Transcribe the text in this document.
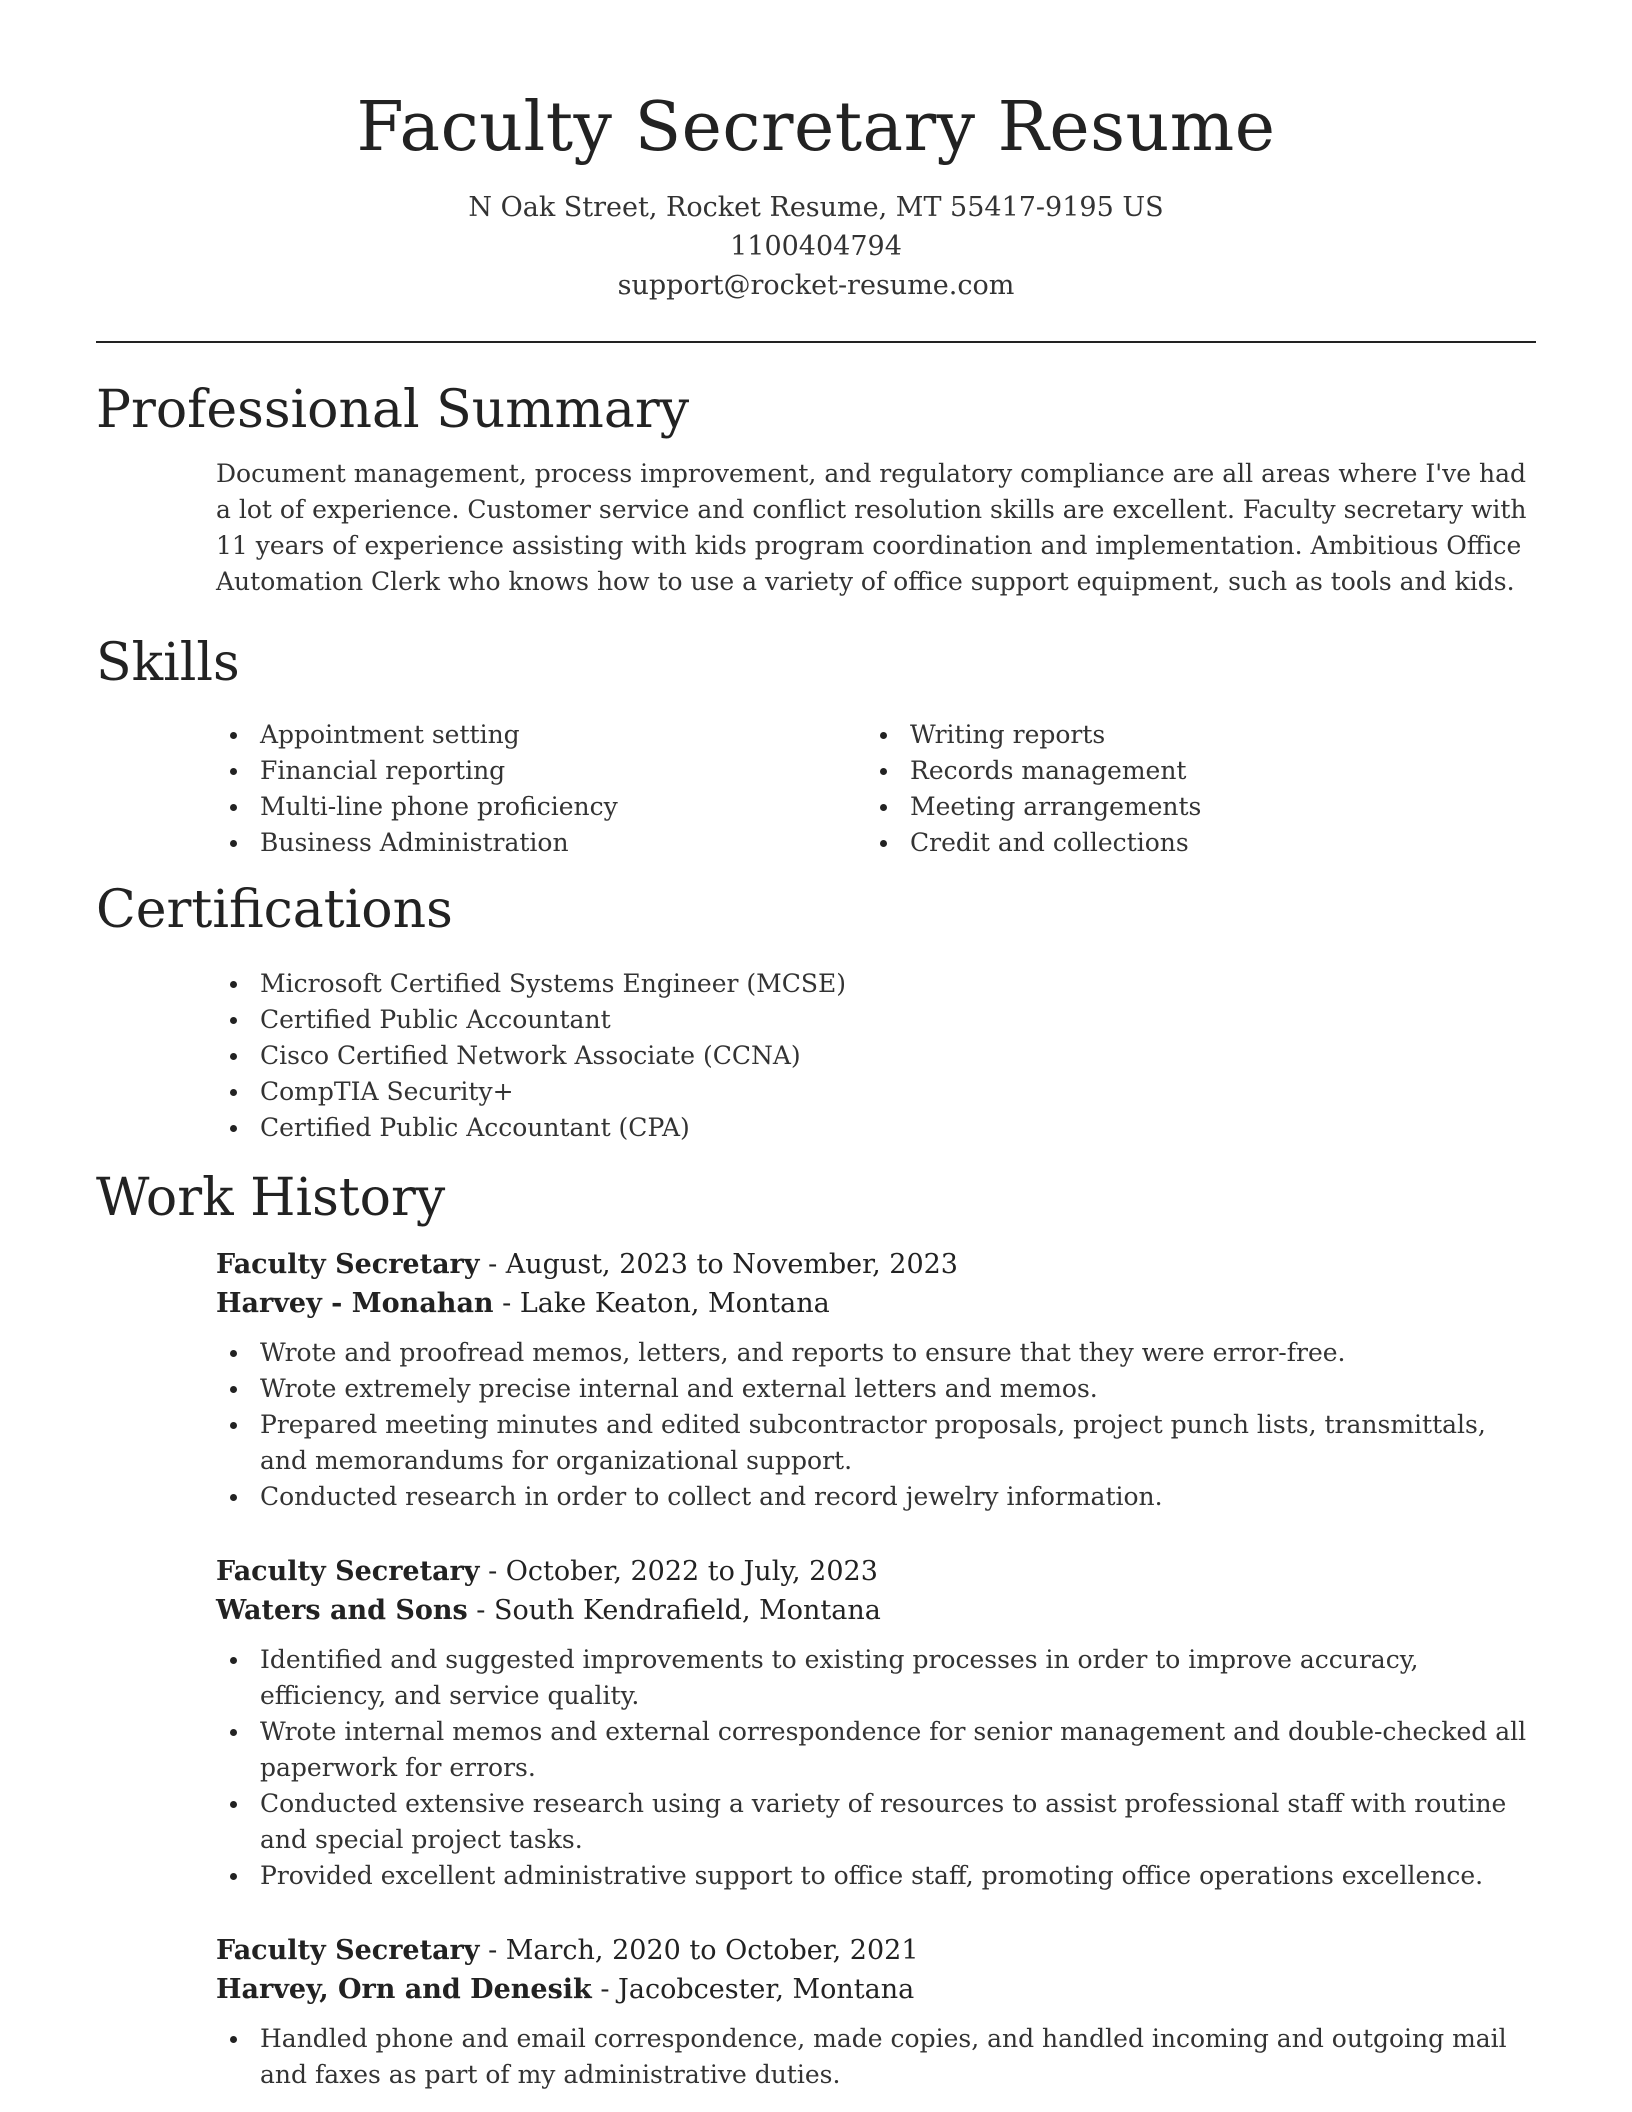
Faculty Secretary Resume
N Oak Street, Rocket Resume, MT 55417-9195 US
1100404794
support@rocket-resume.com
Professional Summary
Document management, process improvement, and regulatory compliance are all areas where I've had a lot of experience. Customer service and conflict resolution skills are excellent. Faculty secretary with 11 years of experience assisting with kids program coordination and implementation. Ambitious Office Automation Clerk who knows how to use a variety of office support equipment, such as tools and kids.
Skills
Appointment setting
Financial reporting
Multi-line phone proficiency
Business Administration
Writing reports
Records management
Meeting arrangements
Credit and collections
Certifications
Microsoft Certified Systems Engineer (MCSE)
Certified Public Accountant
Cisco Certified Network Associate (CCNA)
CompTIA Security+
Certified Public Accountant (CPA)
Work History
Faculty Secretary - August, 2023 to November, 2023
Harvey - Monahan - Lake Keaton, Montana
Wrote and proofread memos, letters, and reports to ensure that they were error-free.
Wrote extremely precise internal and external letters and memos.
Prepared meeting minutes and edited subcontractor proposals, project punch lists, transmittals, and memorandums for organizational support.
Conducted research in order to collect and record jewelry information.
Faculty Secretary - October, 2022 to July, 2023
Waters and Sons - South Kendrafield, Montana
Identified and suggested improvements to existing processes in order to improve accuracy, efficiency, and service quality.
Wrote internal memos and external correspondence for senior management and double-checked all paperwork for errors.
Conducted extensive research using a variety of resources to assist professional staff with routine and special project tasks.
Provided excellent administrative support to office staff, promoting office operations excellence.
Faculty Secretary - March, 2020 to October, 2021
Harvey, Orn and Denesik - Jacobcester, Montana
Handled phone and email correspondence, made copies, and handled incoming and outgoing mail and faxes as part of my administrative duties.
